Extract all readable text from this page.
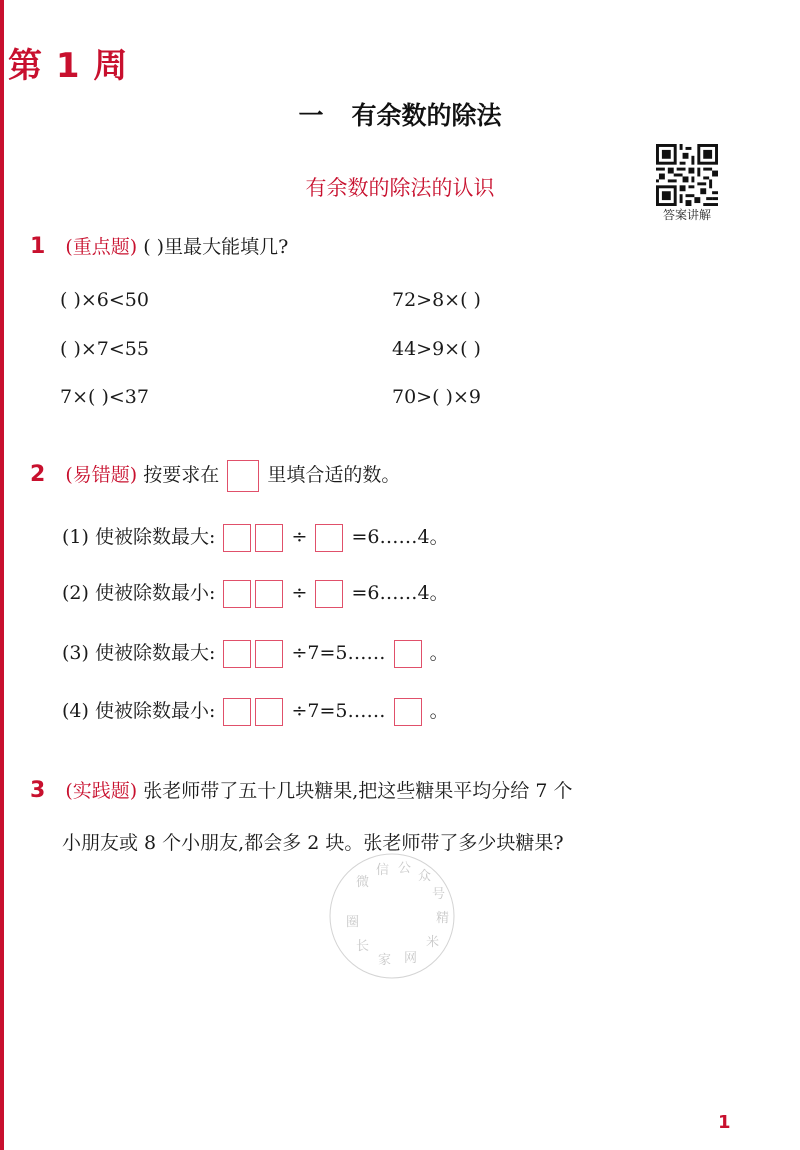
第 1 周
一 有余数的除法
有余数的除法的认识
答案讲解
1 (重点题) ( )里最大能填几?
( )×6<50	72>8×( )
( )×7<55	44>9×( )
7×( )<37	70>( )×9
2 (易错题) 按要求在	里填合适的数。
(1) 使被除数最大:	÷ =6……4。
(2) 使被除数最小:	÷ =6……4。
(3) 使被除数最大:	÷7=5…… 。
(4) 使被除数最小:	÷7=5…… 。
3 (实践题) 张老师带了五十几块糖果,把这些糖果平均分给 7 个
小朋友或 8 个小朋友,都会多 2 块。张老师带了多少块糖果?
微
信 公
众
号
精
米
网
家
长
圈
1
